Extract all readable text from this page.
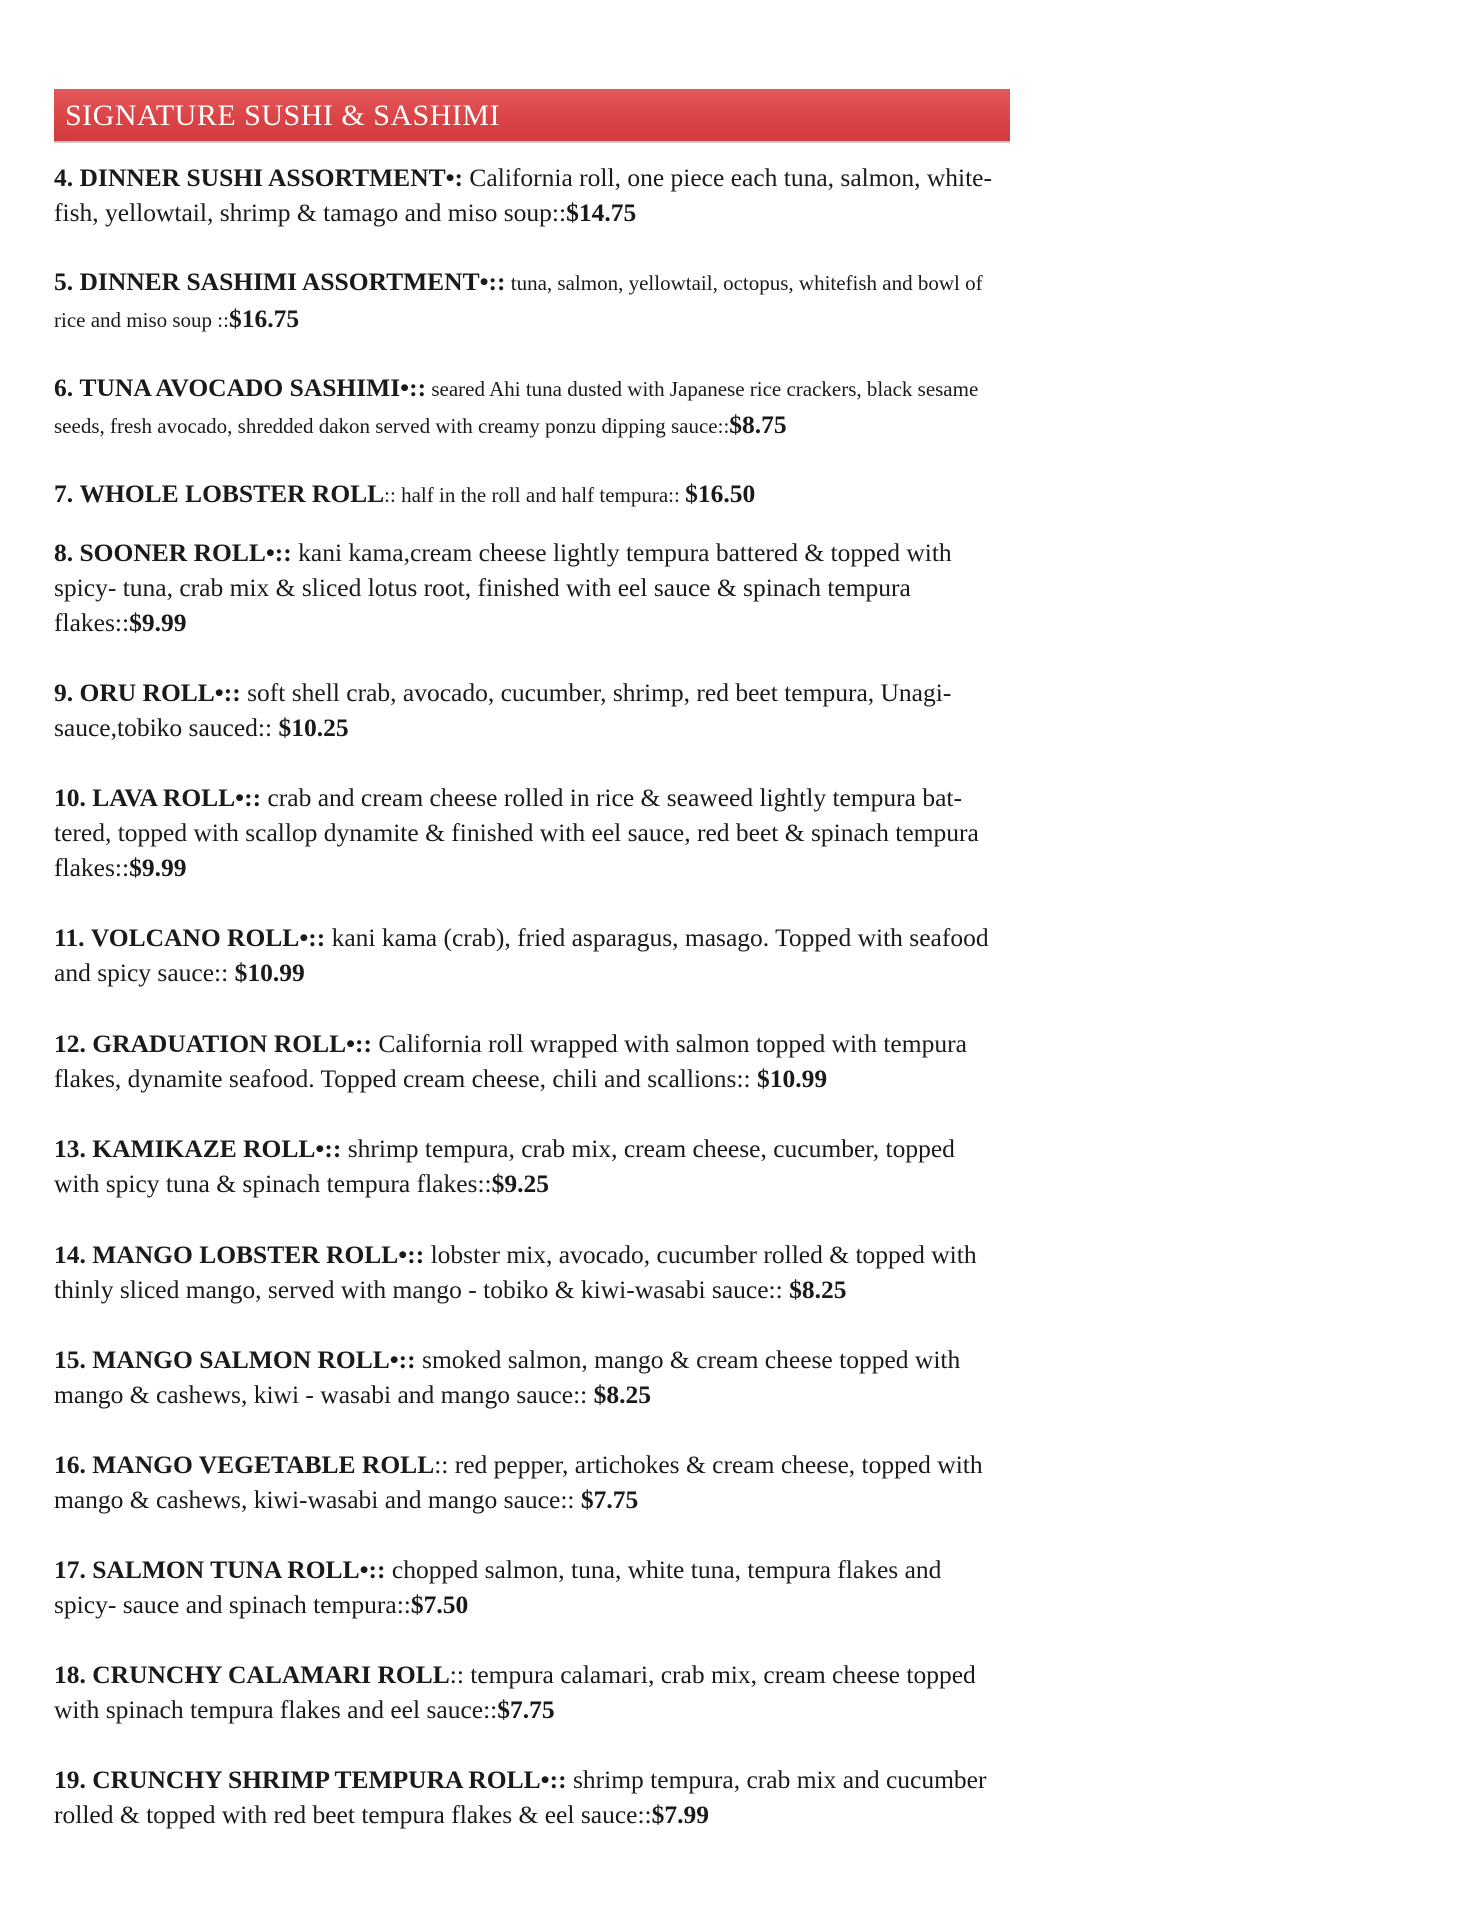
SIGNATURE SUSHI & SASHIMI

4. DINNER SUSHI ASSORTMENT•: California roll, one piece each tuna, salmon, white-
fish, yellowtail, shrimp & tamago and miso soup::$14.75

5. DINNER SASHIMI ASSORTMENT•:: tuna, salmon, yellowtail, octopus, whitefish and bowl of
rice and miso soup ::$16.75

6. TUNA AVOCADO SASHIMI•:: seared Ahi tuna dusted with Japanese rice crackers, black sesame
seeds, fresh avocado, shredded dakon served with creamy ponzu dipping sauce::$8.75

7. WHOLE LOBSTER ROLL:: half in the roll and half tempura:: $16.50

8. SOONER ROLL•:: kani kama,cream cheese lightly tempura battered & topped with
spicy- tuna, crab mix & sliced lotus root, finished with eel sauce & spinach tempura
flakes::$9.99

9. ORU ROLL•:: soft shell crab, avocado, cucumber, shrimp, red beet tempura, Unagi-
sauce,tobiko sauced:: $10.25

10. LAVA ROLL•:: crab and cream cheese rolled in rice & seaweed lightly tempura bat-
tered, topped with scallop dynamite & finished with eel sauce, red beet & spinach tempura
flakes::$9.99

11. VOLCANO ROLL•:: kani kama (crab), fried asparagus, masago. Topped with seafood
and spicy sauce:: $10.99

12. GRADUATION ROLL•:: California roll wrapped with salmon topped with tempura
flakes, dynamite seafood. Topped cream cheese, chili and scallions:: $10.99

13. KAMIKAZE ROLL•:: shrimp tempura, crab mix, cream cheese, cucumber, topped
with spicy tuna & spinach tempura flakes::$9.25

14. MANGO LOBSTER ROLL•:: lobster mix, avocado, cucumber rolled & topped with
thinly sliced mango, served with mango - tobiko & kiwi-wasabi sauce:: $8.25

15. MANGO SALMON ROLL•:: smoked salmon, mango & cream cheese topped with
mango & cashews, kiwi - wasabi and mango sauce:: $8.25

16. MANGO VEGETABLE ROLL:: red pepper, artichokes & cream cheese, topped with
mango & cashews, kiwi-wasabi and mango sauce:: $7.75

17. SALMON TUNA ROLL•:: chopped salmon, tuna, white tuna, tempura flakes and
spicy- sauce and spinach tempura::$7.50

18. CRUNCHY CALAMARI ROLL:: tempura calamari, crab mix, cream cheese topped
with spinach tempura flakes and eel sauce::$7.75

19. CRUNCHY SHRIMP TEMPURA ROLL•:: shrimp tempura, crab mix and cucumber
rolled & topped with red beet tempura flakes & eel sauce::$7.99
